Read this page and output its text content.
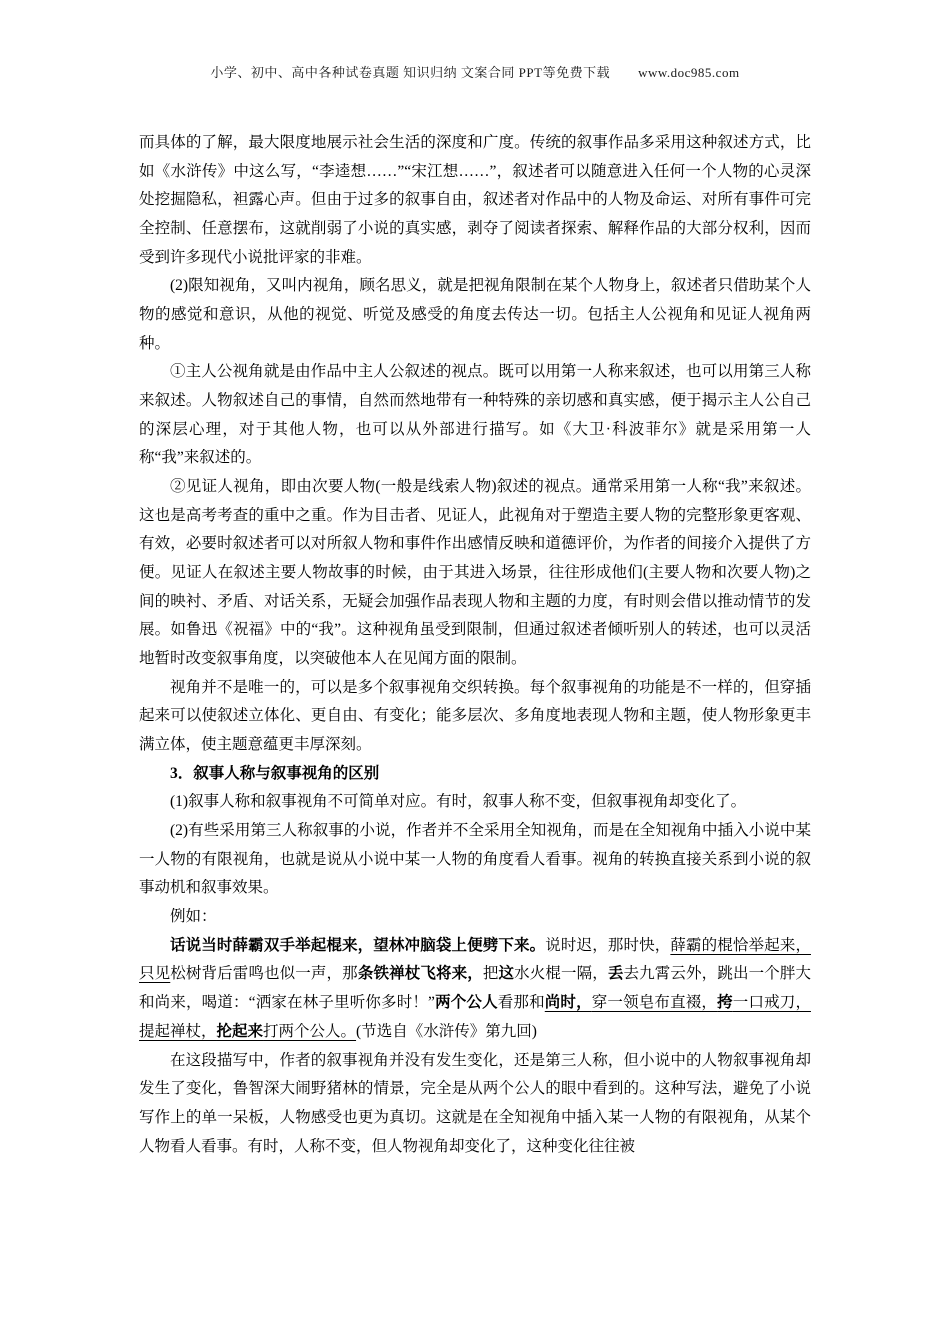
小学、初中、高中各种试卷真题 知识归纳 文案合同 PPT等免费下载 www.doc985.com

而具体的了解，最大限度地展示社会生活的深度和广度。传统的叙事作品多采用这种叙述方式，比如《水浒传》中这么写，“李逵想……”“宋江想……”，叙述者可以随意进入任何一个人物的心灵深处挖掘隐私，袒露心声。但由于过多的叙事自由，叙述者对作品中的人物及命运、对所有事件可完全控制、任意摆布，这就削弱了小说的真实感，剥夺了阅读者探索、解释作品的大部分权利，因而受到许多现代小说批评家的非难。

(2)限知视角，又叫内视角，顾名思义，就是把视角限制在某个人物身上，叙述者只借助某个人物的感觉和意识，从他的视觉、听觉及感受的角度去传达一切。包括主人公视角和见证人视角两种。

①主人公视角就是由作品中主人公叙述的视点。既可以用第一人称来叙述，也可以用第三人称来叙述。人物叙述自己的事情，自然而然地带有一种特殊的亲切感和真实感，便于揭示主人公自己的深层心理，对于其他人物，也可以从外部进行描写。如《大卫·科波菲尔》就是采用第一人称“我”来叙述的。

②见证人视角，即由次要人物(一般是线索人物)叙述的视点。通常采用第一人称“我”来叙述。这也是高考考查的重中之重。作为目击者、见证人，此视角对于塑造主要人物的完整形象更客观、有效，必要时叙述者可以对所叙人物和事件作出感情反映和道德评价，为作者的间接介入提供了方便。见证人在叙述主要人物故事的时候，由于其进入场景，往往形成他们(主要人物和次要人物)之间的映衬、矛盾、对话关系，无疑会加强作品表现人物和主题的力度，有时则会借以推动情节的发展。如鲁迅《祝福》中的“我”。这种视角虽受到限制，但通过叙述者倾听别人的转述，也可以灵活地暂时改变叙事角度，以突破他本人在见闻方面的限制。

视角并不是唯一的，可以是多个叙事视角交织转换。每个叙事视角的功能是不一样的，但穿插起来可以使叙述立体化、更自由、有变化；能多层次、多角度地表现人物和主题，使人物形象更丰满立体，使主题意蕴更丰厚深刻。

3．叙事人称与叙事视角的区别

(1)叙事人称和叙事视角不可简单对应。有时，叙事人称不变，但叙事视角却变化了。

(2)有些采用第三人称叙事的小说，作者并不全采用全知视角，而是在全知视角中插入小说中某一人物的有限视角，也就是说从小说中某一人物的角度看人看事。视角的转换直接关系到小说的叙事动机和叙事效果。

例如：

话说当时薛霸双手举起棍来，望林冲脑袋上便劈下来。说时迟，那时快，薛霸的棍恰举起来，只见松树背后雷鸣也似一声，那条铁禅杖飞将来，把这水火棍一隔，丢去九霄云外，跳出一个胖大和尚来，喝道：“洒家在林子里听你多时！”两个公人看那和尚时，穿一领皂布直裰，挎一口戒刀，提起禅杖，抡起来打两个公人。(节选自《水浒传》第九回)

在这段描写中，作者的叙事视角并没有发生变化，还是第三人称，但小说中的人物叙事视角却发生了变化，鲁智深大闹野猪林的情景，完全是从两个公人的眼中看到的。这种写法，避免了小说写作上的单一呆板，人物感受也更为真切。这就是在全知视角中插入某一人物的有限视角，从某个人物看人看事。有时，人称不变，但人物视角却变化了，这种变化往往被
